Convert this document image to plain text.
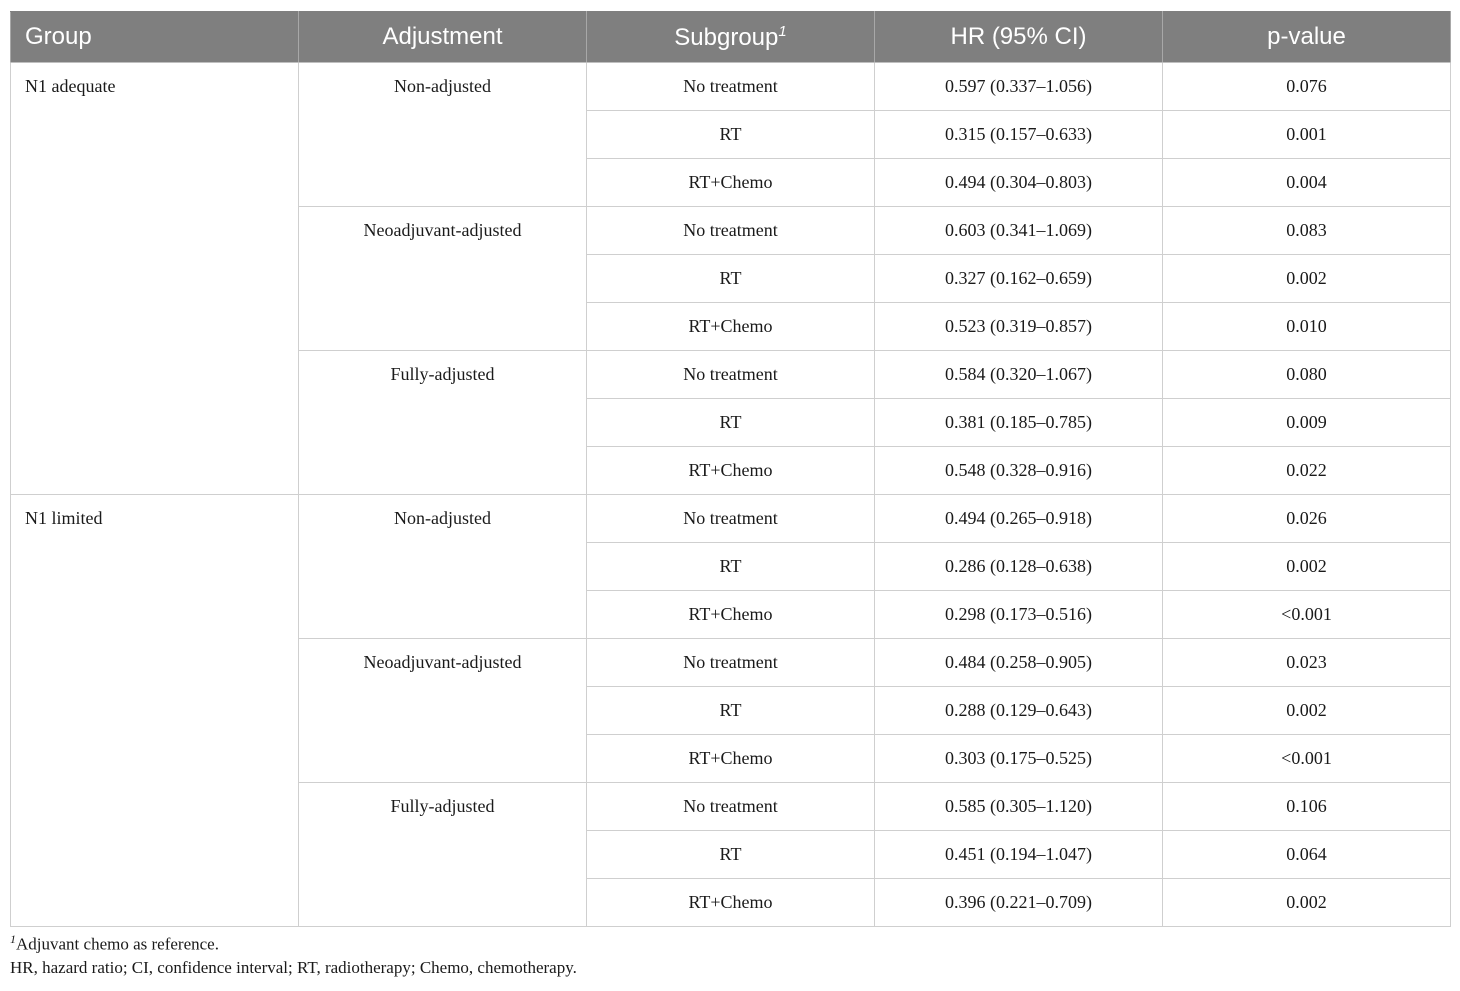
Group	Adjustment	Subgroup$^1$	HR (95% CI)	p-value
N1 adequate	Non-adjusted	No treatment	0.597 (0.337–1.056)	0.076
		RT	0.315 (0.157–0.633)	0.001
		RT+Chemo	0.494 (0.304–0.803)	0.004
	Neoadjuvant-adjusted	No treatment	0.603 (0.341–1.069)	0.083
		RT	0.327 (0.162–0.659)	0.002
		RT+Chemo	0.523 (0.319–0.857)	0.010
	Fully-adjusted	No treatment	0.584 (0.320–1.067)	0.080
		RT	0.381 (0.185–0.785)	0.009
		RT+Chemo	0.548 (0.328–0.916)	0.022
N1 limited	Non-adjusted	No treatment	0.494 (0.265–0.918)	0.026
		RT	0.286 (0.128–0.638)	0.002
		RT+Chemo	0.298 (0.173–0.516)	<0.001
	Neoadjuvant-adjusted	No treatment	0.484 (0.258–0.905)	0.023
		RT	0.288 (0.129–0.643)	0.002
		RT+Chemo	0.303 (0.175–0.525)	<0.001
	Fully-adjusted	No treatment	0.585 (0.305–1.120)	0.106
		RT	0.451 (0.194–1.047)	0.064
		RT+Chemo	0.396 (0.221–0.709)	0.002
$^1$Adjuvant chemo as reference.
HR, hazard ratio; CI, confidence interval; RT, radiotherapy; Chemo, chemotherapy.
